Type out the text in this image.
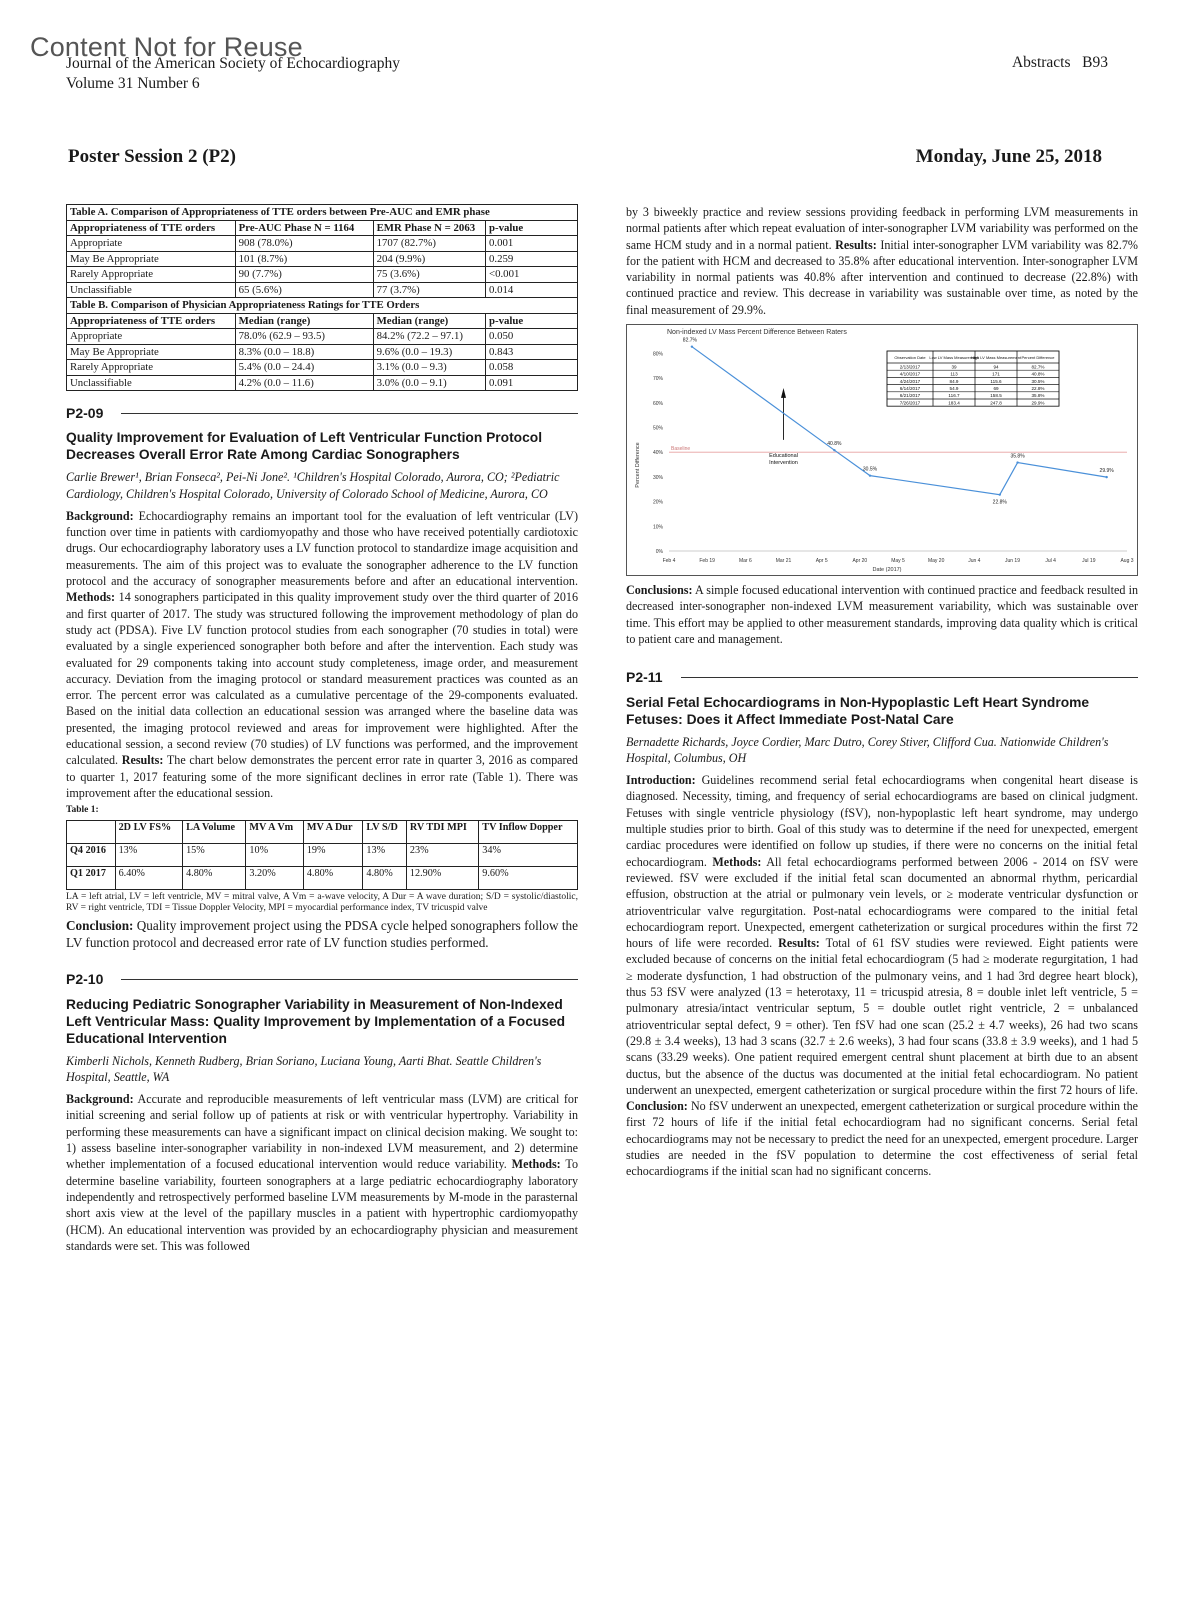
Content Not for Reuse
Journal of the American Society of Echocardiography
Volume 31 Number 6
Abstracts   B93
Poster Session 2 (P2)	Monday, June 25, 2018
Table A. Comparison of Appropriateness of TTE orders between Pre-AUC and EMR phase			
Appropriateness of TTE orders	Pre-AUC Phase N = 1164	EMR Phase N = 2063	p-value
Appropriate	908 (78.0%)	1707 (82.7%)	0.001
May Be Appropriate	101 (8.7%)	204 (9.9%)	0.259
Rarely Appropriate	90 (7.7%)	75 (3.6%)	<0.001
Unclassifiable	65 (5.6%)	77 (3.7%)	0.014
Table B. Comparison of Physician Appropriateness Ratings for TTE Orders			
Appropriateness of TTE orders	Median (range)	Median (range)	p-value
Appropriate	78.0% (62.9 – 93.5)	84.2% (72.2 – 97.1)	0.050
May Be Appropriate	8.3% (0.0 – 18.8)	9.6% (0.0 – 19.3)	0.843
Rarely Appropriate	5.4% (0.0 – 24.4)	3.1% (0.0 – 9.3)	0.058
Unclassifiable	4.2% (0.0 – 11.6)	3.0% (0.0 – 9.1)	0.091
P2-09
Quality Improvement for Evaluation of Left Ventricular Function Protocol Decreases Overall Error Rate Among Cardiac Sonographers
Carlie Brewer¹, Brian Fonseca², Pei-Ni Jone². ¹Children's Hospital Colorado, Aurora, CO; ²Pediatric Cardiology, Children's Hospital Colorado, University of Colorado School of Medicine, Aurora, CO

Background: Echocardiography remains an important tool for the evaluation of left ventricular (LV) function over time in patients with cardiomyopathy and those who have received potentially cardiotoxic drugs. Our echocardiography laboratory uses a LV function protocol to standardize image acquisition and measurements. The aim of this project was to evaluate the sonographer adherence to the LV function protocol and the accuracy of sonographer measurements before and after an educational intervention. Methods: 14 sonographers participated in this quality improvement study over the third quarter of 2016 and first quarter of 2017. The study was structured following the improvement methodology of plan do study act (PDSA). Five LV function protocol studies from each sonographer (70 studies in total) were evaluated by a single experienced sonographer both before and after the intervention. Each study was evaluated for 29 components taking into account study completeness, image order, and measurement accuracy. Deviation from the imaging protocol or standard measurement practices was counted as an error. The percent error was calculated as a cumulative percentage of the 29-components evaluated. Based on the initial data collection an educational session was arranged where the baseline data was presented, the imaging protocol reviewed and areas for improvement were highlighted. After the educational session, a second review (70 studies) of LV functions was performed, and the improvement calculated. Results: The chart below demonstrates the percent error rate in quarter 3, 2016 as compared to quarter 1, 2017 featuring some of the more significant declines in error rate (Table 1). There was improvement after the educational session.

Table 1:
	2D LV FS%	LA Volume	MV A Vm	MV A Dur	LV S/D	RV TDI MPI	TV Inflow Dopper
Q4 2016	13%	15%	10%	19%	13%	23%	34%
Q1 2017	6.40%	4.80%	3.20%	4.80%	4.80%	12.90%	9.60%
LA = left atrial, LV = left ventricle, MV = mitral valve, A Vm = a-wave velocity, A Dur = A wave duration; S/D = systolic/diastolic, RV = right ventricle, TDI = Tissue Doppler Velocity, MPI = myocardial performance index, TV tricuspid valve
Conclusion: Quality improvement project using the PDSA cycle helped sonographers follow the LV function protocol and decreased error rate of LV function studies performed.
P2-10
Reducing Pediatric Sonographer Variability in Measurement of Non-Indexed Left Ventricular Mass: Quality Improvement by Implementation of a Focused Educational Intervention
Kimberli Nichols, Kenneth Rudberg, Brian Soriano, Luciana Young, Aarti Bhat. Seattle Children's Hospital, Seattle, WA

Background: Accurate and reproducible measurements of left ventricular mass (LVM) are critical for initial screening and serial follow up of patients at risk or with ventricular hypertrophy. Variability in performing these measurements can have a significant impact on clinical decision making. We sought to: 1) assess baseline inter-sonographer variability in non-indexed LVM measurement, and 2) determine whether implementation of a focused educational intervention would reduce variability. Methods: To determine baseline variability, fourteen sonographers at a large pediatric echocardiography laboratory independently and retrospectively performed baseline LVM measurements by M-mode in the parasternal short axis view at the level of the papillary muscles in a patient with hypertrophic cardiomyopathy (HCM). An educational intervention was provided by an echocardiography physician and measurement standards were set. This was followed

by 3 biweekly practice and review sessions providing feedback in performing LVM measurements in normal patients after which repeat evaluation of inter-sonographer LVM variability was performed on the same HCM study and in a normal patient. Results: Initial inter-sonographer LVM variability was 82.7% for the patient with HCM and decreased to 35.8% after educational intervention. Inter-sonographer LVM variability in normal patients was 40.8% after intervention and continued to decrease (22.8%) with continued practice and review. This decrease in variability was sustainable over time, as noted by the final measurement of 29.9%.

Non-indexed LV Mass Percent Difference Between Raters
Percent Difference
Date (2017)
0%
10%
20%
30%
40%
50%
60%
70%
80%
Feb 4	Feb 19	Mar 6	Mar 21	Apr 5	Apr 20	May 5	May 20	Jun 4	Jun 19	Jul 4	Jul 19	Aug 3
Baseline
Educational Intervention
82.7%
40.8%
30.5%
22.8%
35.8%
29.9%
Observation Date Low LV Mass Measurement
High LV Mass Measurement Percent Difference
2/13/2017	39	94	82.7%
4/10/2017	113	171	40.8%
4/24/2017	84.9	115.6	30.5%
6/14/2017	54.9	69	22.8%
6/21/2017	116.7	158.5	35.8%
7/26/2017	183.4	247.8	29.9%

Conclusions: A simple focused educational intervention with continued practice and feedback resulted in decreased inter-sonographer non-indexed LVM measurement variability, which was sustainable over time. This effort may be applied to other measurement standards, improving data quality which is critical to patient care and management.

P2-11
Serial Fetal Echocardiograms in Non-Hypoplastic Left Heart Syndrome Fetuses: Does it Affect Immediate Post-Natal Care
Bernadette Richards, Joyce Cordier, Marc Dutro, Corey Stiver, Clifford Cua. Nationwide Children's Hospital, Columbus, OH

Introduction: Guidelines recommend serial fetal echocardiograms when congenital heart disease is diagnosed. Necessity, timing, and frequency of serial echocardiograms are based on clinical judgment. Fetuses with single ventricle physiology (fSV), non-hypoplastic left heart syndrome, may undergo multiple studies prior to birth. Goal of this study was to determine if the need for unexpected, emergent cardiac procedures were identified on follow up studies, if there were no concerns on the initial fetal echocardiogram. Methods: All fetal echocardiograms performed between 2006 - 2014 on fSV were reviewed. fSV were excluded if the initial fetal scan documented an abnormal rhythm, pericardial effusion, obstruction at the atrial or pulmonary vein levels, or ≥ moderate ventricular dysfunction or atrioventricular valve regurgitation. Post-natal echocardiograms were compared to the initial fetal echocardiogram report. Unexpected, emergent catheterization or surgical procedures within the first 72 hours of life were recorded. Results: Total of 61 fSV studies were reviewed. Eight patients were excluded because of concerns on the initial fetal echocardiogram (5 had ≥ moderate regurgitation, 1 had ≥ moderate dysfunction, 1 had obstruction of the pulmonary veins, and 1 had 3rd degree heart block), thus 53 fSV were analyzed (13 = heterotaxy, 11 = tricuspid atresia, 8 = double inlet left ventricle, 5 = pulmonary atresia/intact ventricular septum, 5 = double outlet right ventricle, 2 = unbalanced atrioventricular septal defect, 9 = other). Ten fSV had one scan (25.2 ± 4.7 weeks), 26 had two scans (29.8 ± 3.4 weeks), 13 had 3 scans (32.7 ± 2.6 weeks), 3 had four scans (33.8 ± 3.9 weeks), and 1 had 5 scans (33.29 weeks). One patient required emergent central shunt placement at birth due to an absent ductus, but the absence of the ductus was documented at the initial fetal echocardiogram. No patient underwent an unexpected, emergent catheterization or surgical procedure within the first 72 hours of life. Conclusion: No fSV underwent an unexpected, emergent catheterization or surgical procedure within the first 72 hours of life if the initial fetal echocardiogram had no significant concerns. Serial fetal echocardiograms may not be necessary to predict the need for an unexpected, emergent procedure. Larger studies are needed in the fSV population to determine the cost effectiveness of serial fetal echocardiograms if the initial scan had no significant concerns.
